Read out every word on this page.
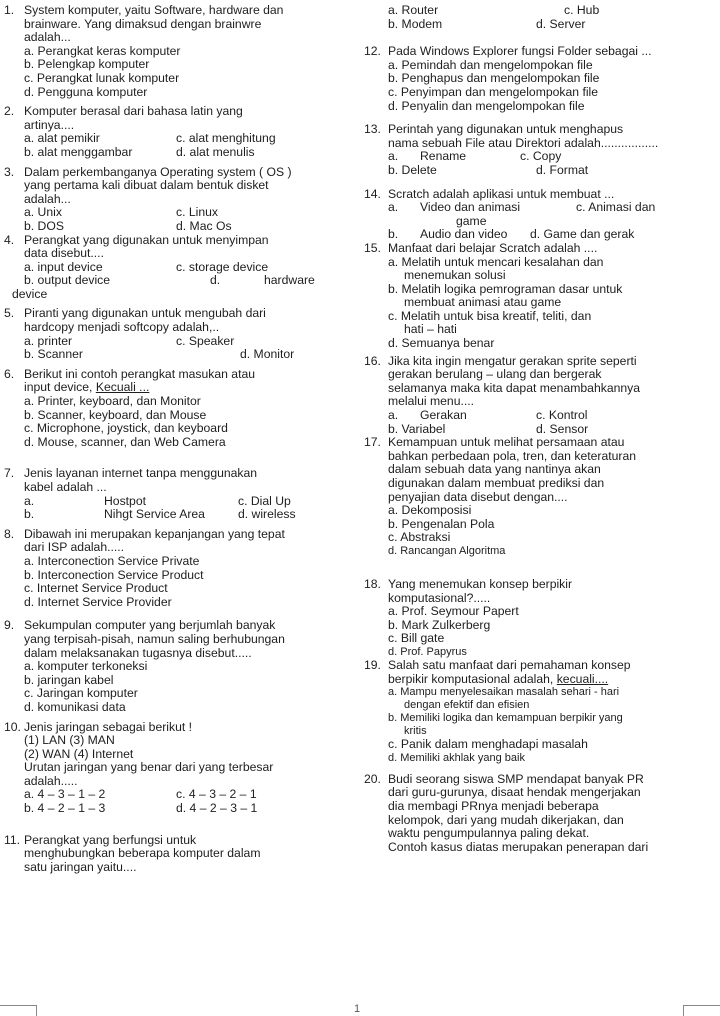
1. System komputer, yaitu Software, hardware dan
brainware. Yang dimaksud dengan brainwre
adalah...
a. Perangkat keras komputer
b. Pelengkap komputer
c. Perangkat lunak komputer
d. Pengguna komputer
2. Komputer berasal dari bahasa latin yang
artinya....
a. alat pemikir	c. alat menghitung
b. alat menggambar	d. alat menulis
3. Dalam perkembanganya Operating system ( OS )
yang pertama kali dibuat dalam bentuk disket
adalah...
a. Unix	c. Linux
b. DOS	d. Mac Os
4. Perangkat yang digunakan untuk menyimpan
data disebut....
a. input device	c. storage device
b. output device	d.	hardware
device
5. Piranti yang digunakan untuk mengubah dari
hardcopy menjadi softcopy adalah,..
a. printer	c. Speaker
b. Scanner	d. Monitor
6. Berikut ini contoh perangkat masukan atau
input device, Kecuali ...
a. Printer, keyboard, dan Monitor
b. Scanner, keyboard, dan Mouse
c. Microphone, joystick, dan keyboard
d. Mouse, scanner, dan Web Camera
7. Jenis layanan internet tanpa menggunakan
kabel adalah ...
a.	Hostpot	c. Dial Up
b.	Nihgt Service Area	d. wireless
8. Dibawah ini merupakan kepanjangan yang tepat
dari ISP adalah.....
a. Interconection Service Private
b. Interconection Service Product
c. Internet Service Product
d. Internet Service Provider
9. Sekumpulan computer yang berjumlah banyak
yang terpisah-pisah, namun saling berhubungan
dalam melaksanakan tugasnya disebut.....
a. komputer terkoneksi
b. jaringan kabel
c. Jaringan komputer
d. komunikasi data
10. Jenis jaringan sebagai berikut !
(1) LAN (3) MAN
(2) WAN (4) Internet
Urutan jaringan yang benar dari yang terbesar
adalah.....
a. 4 – 3 – 1 – 2	c. 4 – 3 – 2 – 1
b. 4 – 2 – 1 – 3	d. 4 – 2 – 3 – 1
11. Perangkat yang berfungsi untuk
menghubungkan beberapa komputer dalam
satu jaringan yaitu....
a. Router	c. Hub
b. Modem	d. Server
12. Pada Windows Explorer fungsi Folder sebagai ...
a. Pemindah dan mengelompokan file
b. Penghapus dan mengelompokan file
c. Penyimpan dan mengelompokan file
d. Penyalin dan mengelompokan file
13. Perintah yang digunakan untuk menghapus
nama sebuah File atau Direktori adalah.................
a.	Rename	c. Copy
b. Delete	d. Format
14. Scratch adalah aplikasi untuk membuat ...
a.	Video dan animasi	c. Animasi dan
game
b.	Audio dan video	d. Game dan gerak
15. Manfaat dari belajar Scratch adalah ....
a. Melatih untuk mencari kesalahan dan
menemukan solusi
b. Melatih logika pemrograman dasar untuk
membuat animasi atau game
c. Melatih untuk bisa kreatif, teliti, dan
hati – hati
d. Semuanya benar
16. Jika kita ingin mengatur gerakan sprite seperti
gerakan berulang – ulang dan bergerak
selamanya maka kita dapat menambahkannya
melalui menu....
a.	Gerakan	c. Kontrol
b. Variabel	d. Sensor
17. Kemampuan untuk melihat persamaan atau
bahkan perbedaan pola, tren, dan keteraturan
dalam sebuah data yang nantinya akan
digunakan dalam membuat prediksi dan
penyajian data disebut dengan....
a. Dekomposisi
b. Pengenalan Pola
c. Abstraksi
d. Rancangan Algoritma
18. Yang menemukan konsep berpikir
komputasional?.....
a. Prof. Seymour Papert
b. Mark Zulkerberg
c. Bill gate
d. Prof. Papyrus
19. Salah satu manfaat dari pemahaman konsep
berpikir komputasional adalah, kecuali....
a. Mampu menyelesaikan masalah sehari - hari
dengan efektif dan efisien
b. Memiliki logika dan kemampuan berpikir yang
kritis
c. Panik dalam menghadapi masalah
d. Memiliki akhlak yang baik
20. Budi seorang siswa SMP mendapat banyak PR
dari guru-gurunya, disaat hendak mengerjakan
dia membagi PRnya menjadi beberapa
kelompok, dari yang mudah dikerjakan, dan
waktu pengumpulannya paling dekat.
Contoh kasus diatas merupakan penerapan dari
1
